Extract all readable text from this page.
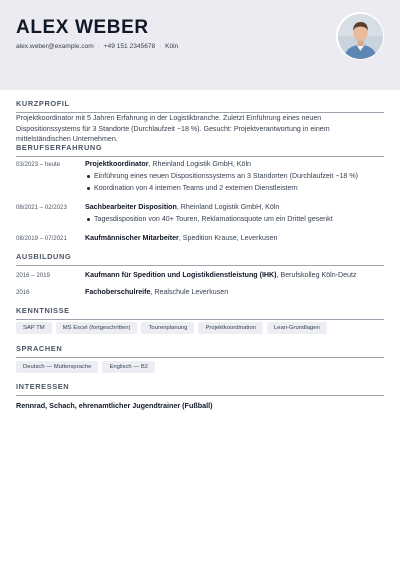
ALEX WEBER
alex.weber@example.com · +49 151 2345678 · Köln
KURZPROFIL
Projektkoordinator mit 5 Jahren Erfahrung in der Logistikbranche. Zuletzt Einführung eines neuen Dispositionssystems für 3 Standorte (Durchlaufzeit −18 %). Gesucht: Projektverantwortung in einem mittelständischen Unternehmen.
BERUFSERFAHRUNG
03/2023 – heute	Projektkoordinator, Rheinland Logistik GmbH, Köln
Einführung eines neuen Dispositionssystems an 3 Standorten (Durchlaufzeit −18 %)
Koordination von 4 internen Teams und 2 externen Dienstleistern
08/2021 – 02/2023	Sachbearbeiter Disposition, Rheinland Logistik GmbH, Köln
Tagesdisposition von 40+ Touren, Reklamationsquote um ein Drittel gesenkt
08/2019 – 07/2021	Kaufmännischer Mitarbeiter, Spedition Krause, Leverkusen
AUSBILDUNG
2016 – 2019	Kaufmann für Spedition und Logistikdienstleistung (IHK), Berufskolleg Köln-Deutz
2016	Fachoberschulreife, Realschule Leverkusen
KENNTNISSE
SAP TM	MS Excel (fortgeschritten)	Tourenplanung	Projektkoordination	Lean-Grundlagen
SPRACHEN
Deutsch — Muttersprache	Englisch — B2
INTERESSEN
Rennrad, Schach, ehrenamtlicher Jugendtrainer (Fußball)
